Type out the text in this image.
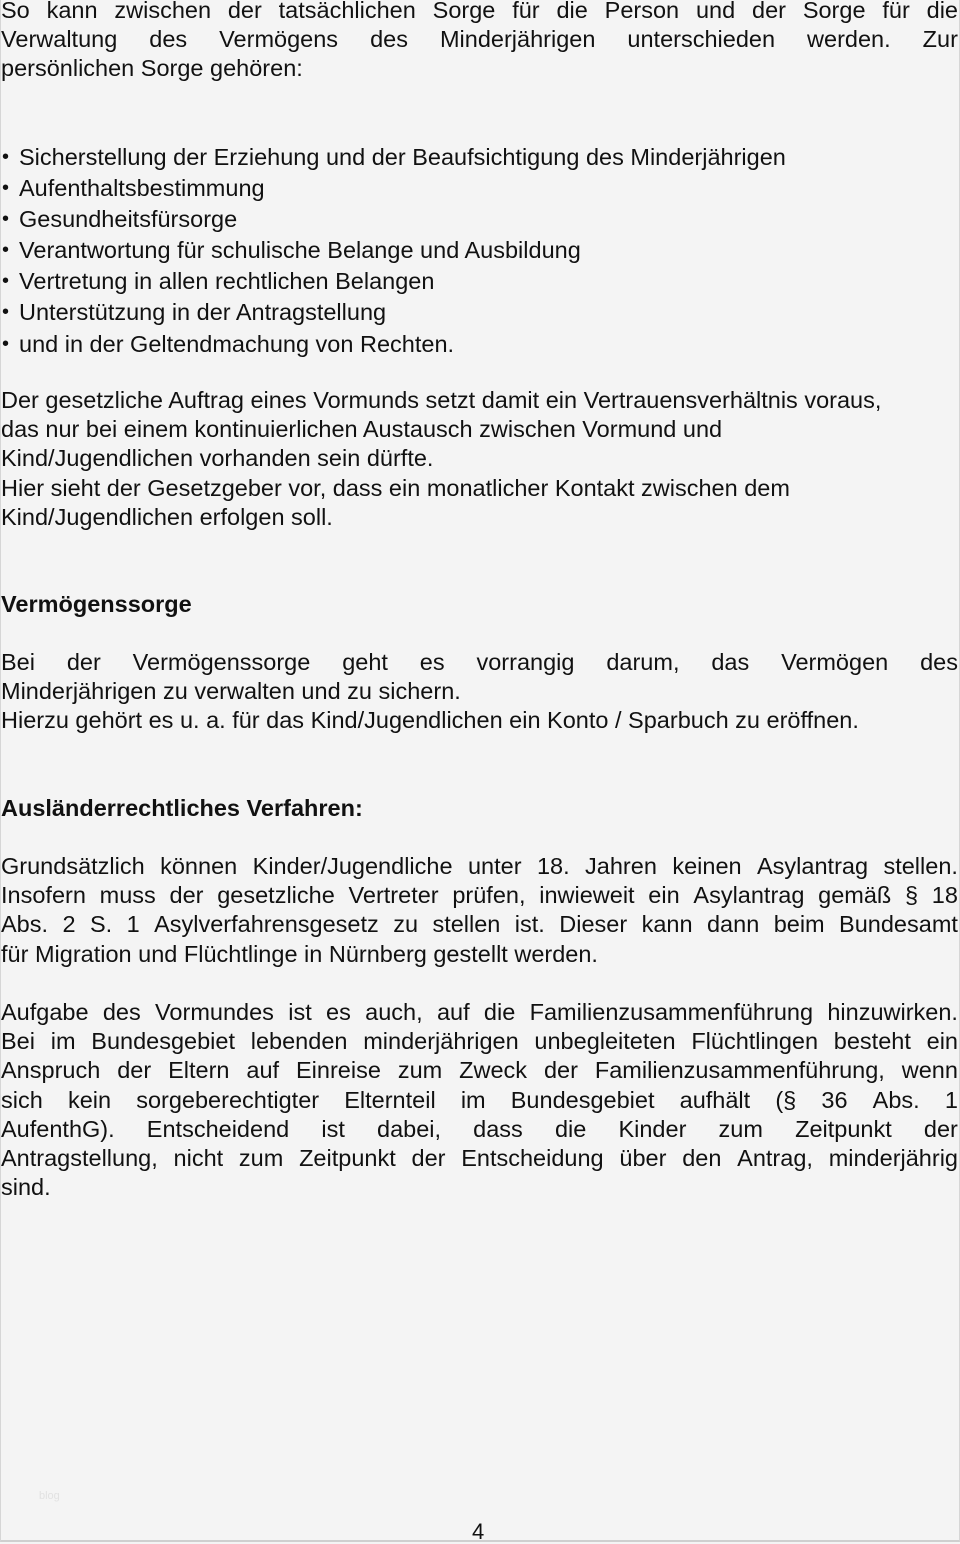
So kann zwischen der tatsächlichen Sorge für die Person und der Sorge für die
Verwaltung des Vermögens des Minderjährigen unterschieden werden. Zur
persönlichen Sorge gehören:
• Sicherstellung der Erziehung und der Beaufsichtigung des Minderjährigen
• Aufenthaltsbestimmung
• Gesundheitsfürsorge
• Verantwortung für schulische Belange und Ausbildung
• Vertretung in allen rechtlichen Belangen
• Unterstützung in der Antragstellung
• und in der Geltendmachung von Rechten.
Der gesetzliche Auftrag eines Vormunds setzt damit ein Vertrauensverhältnis voraus,
das nur bei einem kontinuierlichen Austausch zwischen Vormund und
Kind/Jugendlichen vorhanden sein dürfte.
Hier sieht der Gesetzgeber vor, dass ein monatlicher Kontakt zwischen dem
Kind/Jugendlichen erfolgen soll.
Vermögenssorge
Bei der Vermögenssorge geht es vorrangig darum, das Vermögen des
Minderjährigen zu verwalten und zu sichern.
Hierzu gehört es u. a. für das Kind/Jugendlichen ein Konto / Sparbuch zu eröffnen.
Ausländerrechtliches Verfahren:
Grundsätzlich können Kinder/Jugendliche unter 18. Jahren keinen Asylantrag stellen.
Insofern muss der gesetzliche Vertreter prüfen, inwieweit ein Asylantrag gemäß § 18
Abs. 2 S. 1 Asylverfahrensgesetz zu stellen ist. Dieser kann dann beim Bundesamt
für Migration und Flüchtlinge in Nürnberg gestellt werden.
Aufgabe des Vormundes ist es auch, auf die Familienzusammenführung hinzuwirken.
Bei im Bundesgebiet lebenden minderjährigen unbegleiteten Flüchtlingen besteht ein
Anspruch der Eltern auf Einreise zum Zweck der Familienzusammenführung, wenn
sich kein sorgeberechtigter Elternteil im Bundesgebiet aufhält (§ 36 Abs. 1
AufenthG). Entscheidend ist dabei, dass die Kinder zum Zeitpunkt der
Antragstellung, nicht zum Zeitpunkt der Entscheidung über den Antrag, minderjährig
sind.
blog
4
